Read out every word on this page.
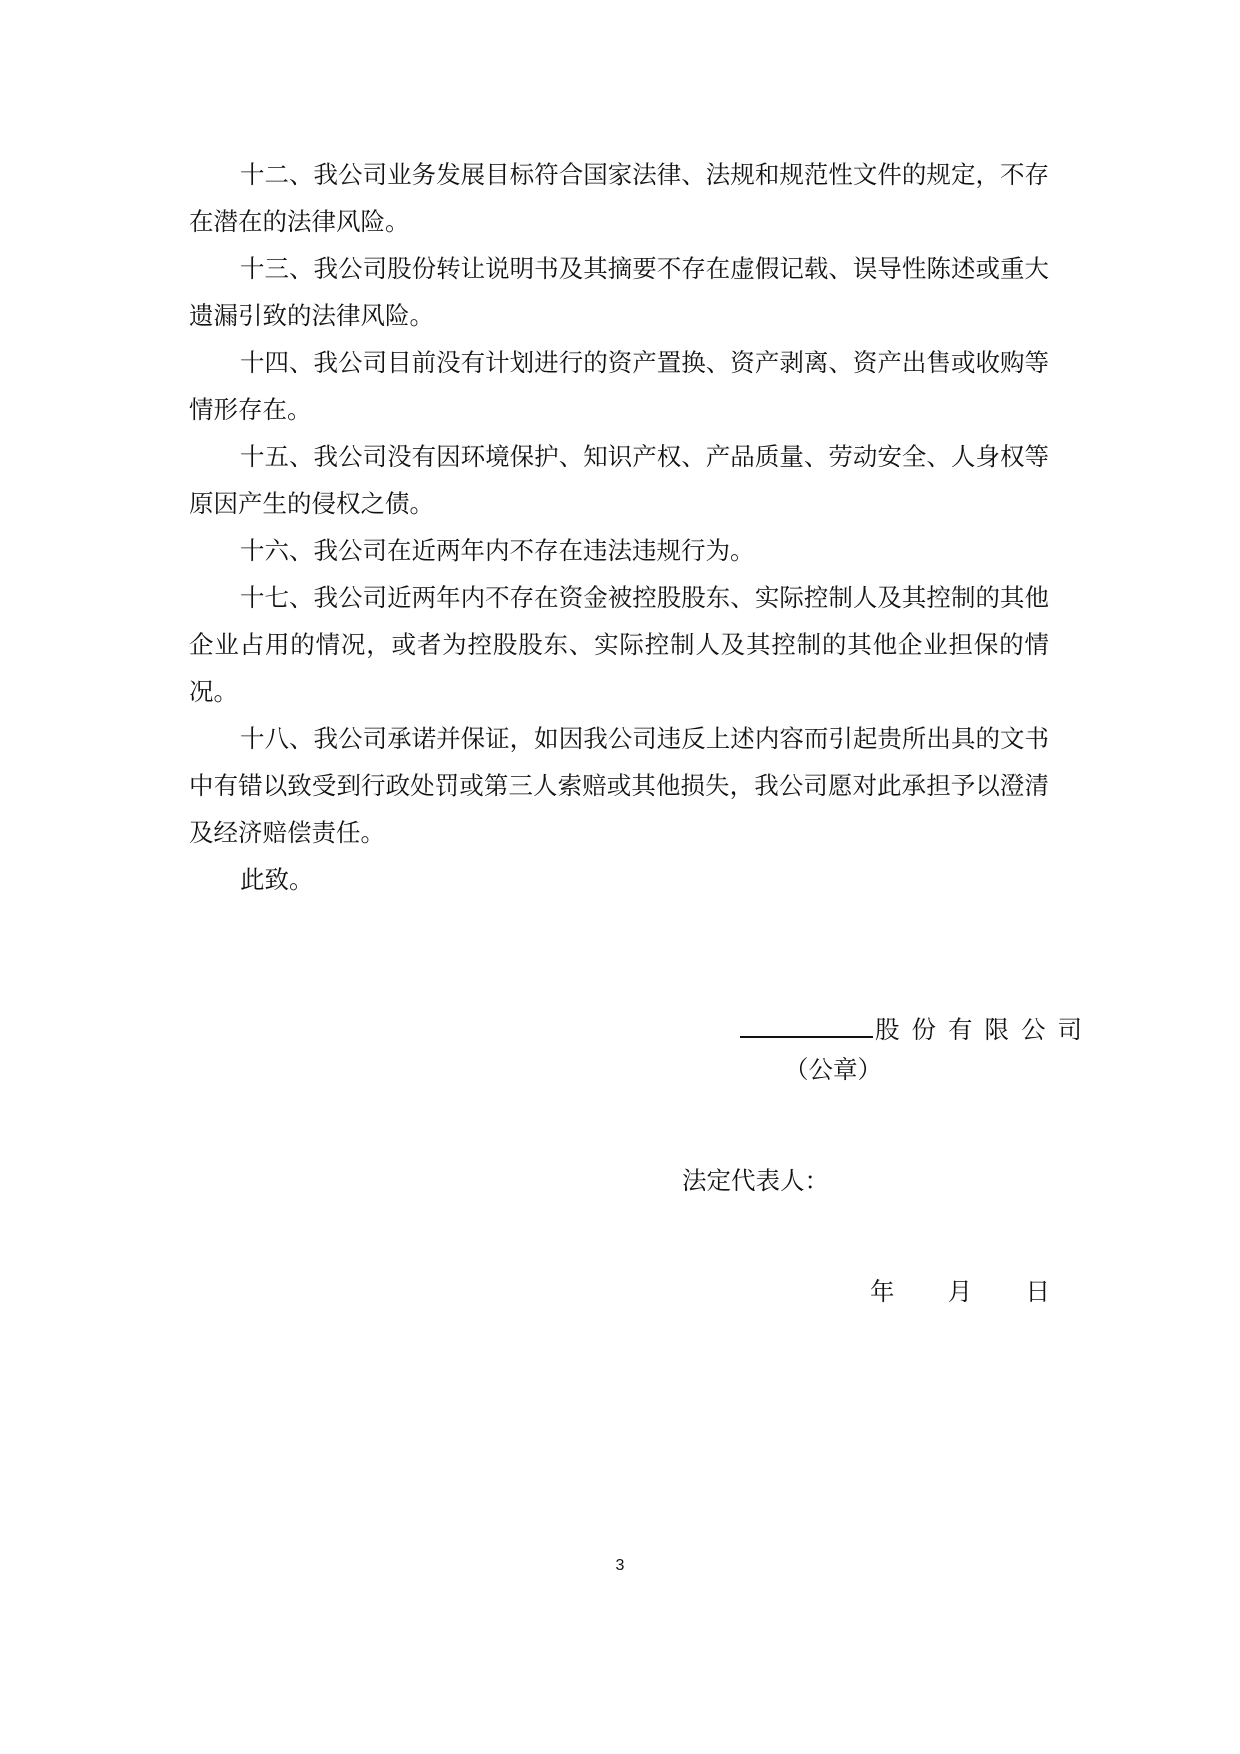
十二、我公司业务发展目标符合国家法律、法规和规范性文件的规定，不存在潜在的法律风险。

十三、我公司股份转让说明书及其摘要不存在虚假记载、误导性陈述或重大遗漏引致的法律风险。

十四、我公司目前没有计划进行的资产置换、资产剥离、资产出售或收购等情形存在。

十五、我公司没有因环境保护、知识产权、产品质量、劳动安全、人身权等原因产生的侵权之债。

十六、我公司在近两年内不存在违法违规行为。

十七、我公司近两年内不存在资金被控股股东、实际控制人及其控制的其他企业占用的情况，或者为控股股东、实际控制人及其控制的其他企业担保的情况。

十八、我公司承诺并保证，如因我公司违反上述内容而引起贵所出具的文书中有错以致受到行政处罚或第三人索赔或其他损失，我公司愿对此承担予以澄清及经济赔偿责任。

此致。

股份有限公司
（公章）
法定代表人：
年 月 日
3
